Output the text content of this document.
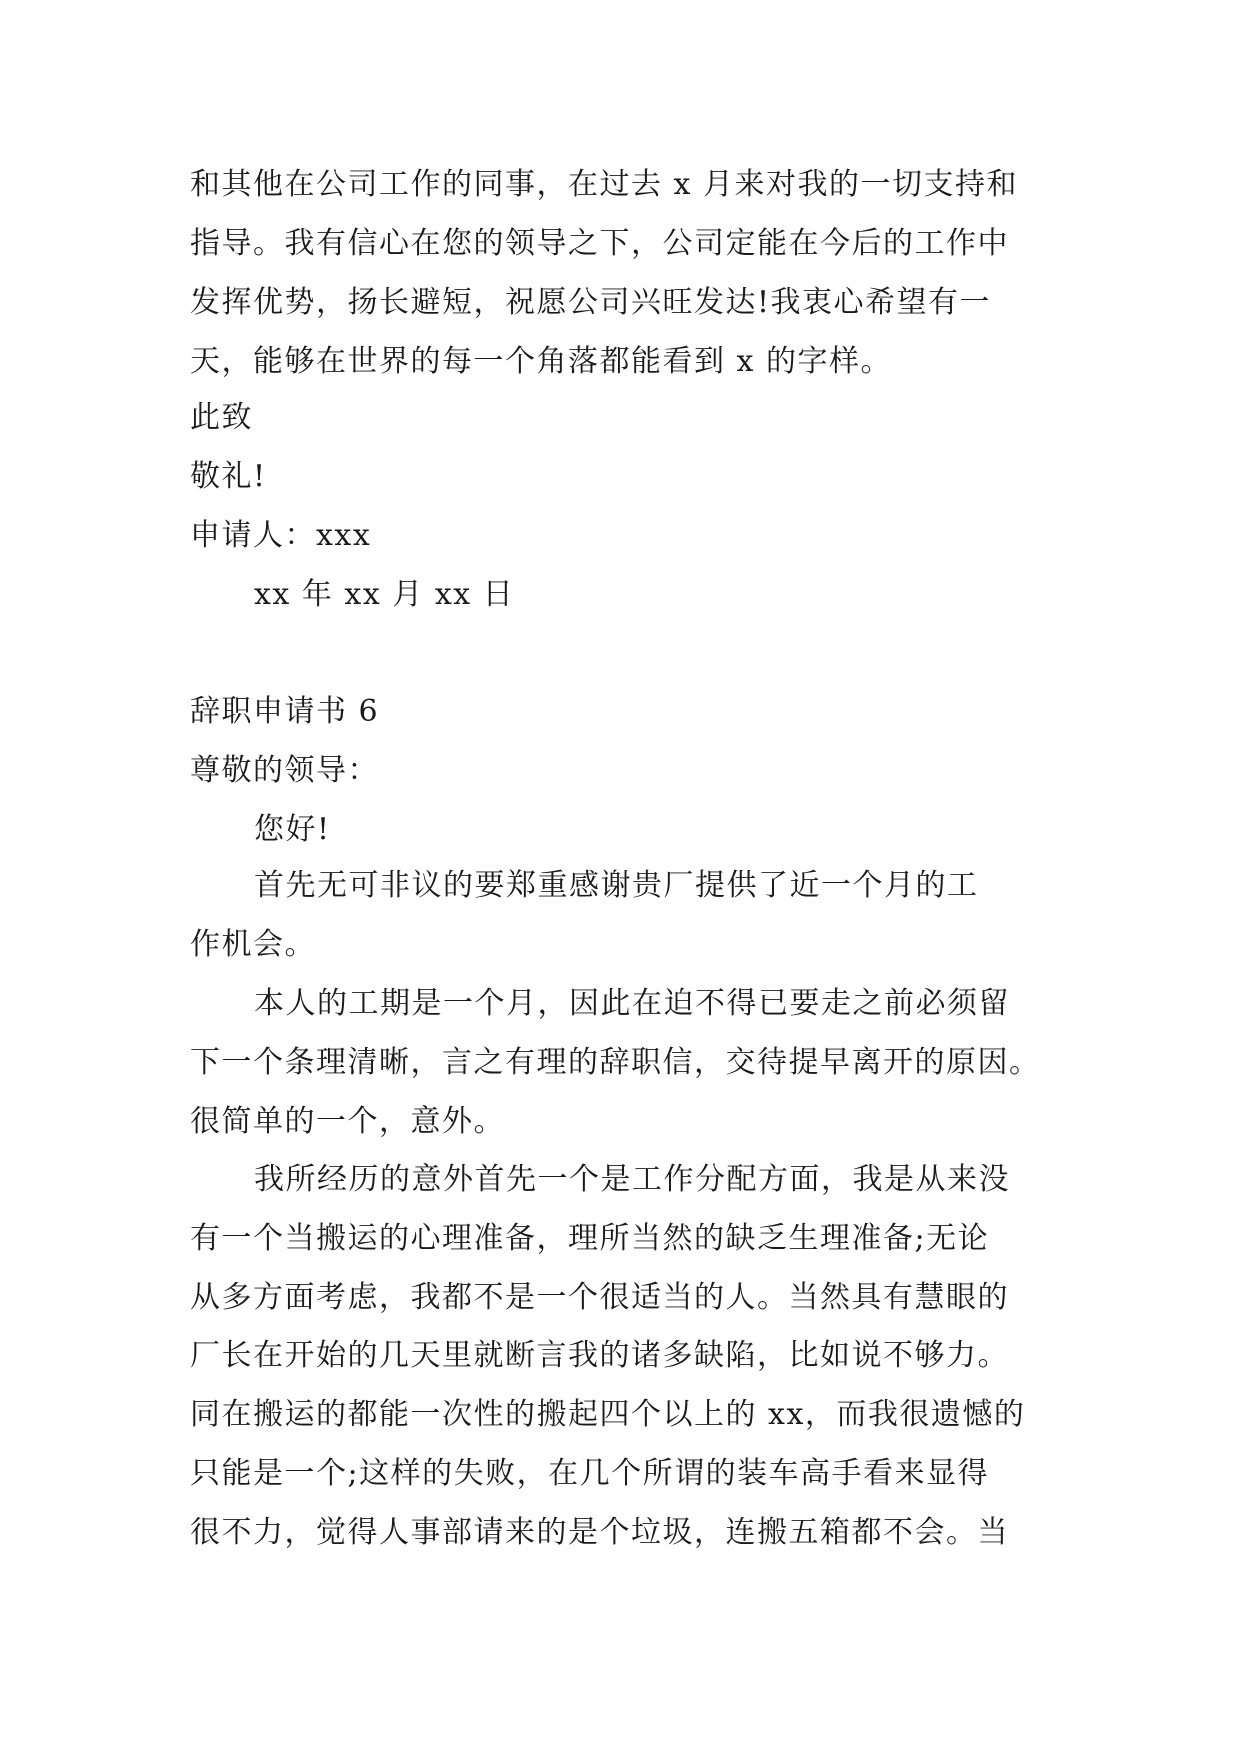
和其他在公司工作的同事，在过去 x 月来对我的一切支持和
指导。我有信心在您的领导之下，公司定能在今后的工作中
发挥优势，扬长避短，祝愿公司兴旺发达!我衷心希望有一
天，能够在世界的每一个角落都能看到 x 的字样。
此致
敬礼!
申请人：xxx
xx 年 xx 月 xx 日
辞职申请书 6
尊敬的领导：
您好!
首先无可非议的要郑重感谢贵厂提供了近一个月的工
作机会。
本人的工期是一个月，因此在迫不得已要走之前必须留
下一个条理清晰，言之有理的辞职信，交待提早离开的原因。
很简单的一个，意外。
我所经历的意外首先一个是工作分配方面，我是从来没
有一个当搬运的心理准备，理所当然的缺乏生理准备;无论
从多方面考虑，我都不是一个很适当的人。当然具有慧眼的
厂长在开始的几天里就断言我的诸多缺陷，比如说不够力。
同在搬运的都能一次性的搬起四个以上的 xx，而我很遗憾的
只能是一个;这样的失败，在几个所谓的装车高手看来显得
很不力，觉得人事部请来的是个垃圾，连搬五箱都不会。当
